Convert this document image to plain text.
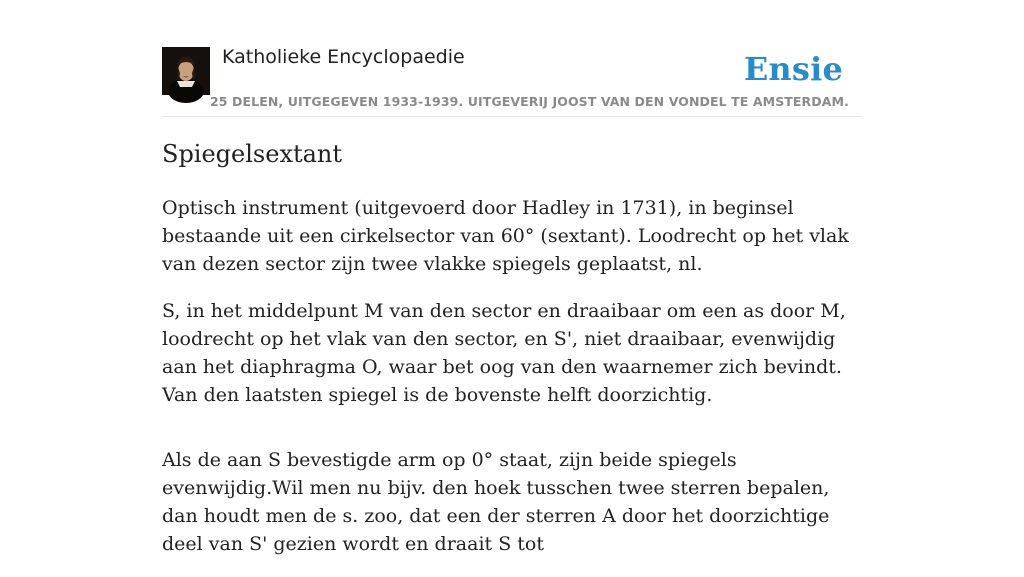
Katholieke Encyclopaedie	Ensie
25 DELEN, UITGEGEVEN 1933-1939. UITGEVERIJ JOOST VAN DEN VONDEL TE AMSTERDAM.
Spiegelsextant

Optisch instrument (uitgevoerd door Hadley in 1731), in beginsel bestaande uit een cirkelsector van 60° (sextant). Loodrecht op het vlak van dezen sector zijn twee vlakke spiegels geplaatst, nl.

S, in het middelpunt M van den sector en draaibaar om een as door M, loodrecht op het vlak van den sector, en S', niet draaibaar, evenwijdig aan het diaphragma O, waar bet oog van den waarnemer zich bevindt. Van den laatsten spiegel is de bovenste helft doorzichtig.

Als de aan S bevestigde arm op 0° staat, zijn beide spiegels evenwijdig.Wil men nu bijv. den hoek tusschen twee sterren bepalen, dan houdt men de s. zoo, dat een der sterren A door het doorzichtige deel van S' gezien wordt en draait S tot
